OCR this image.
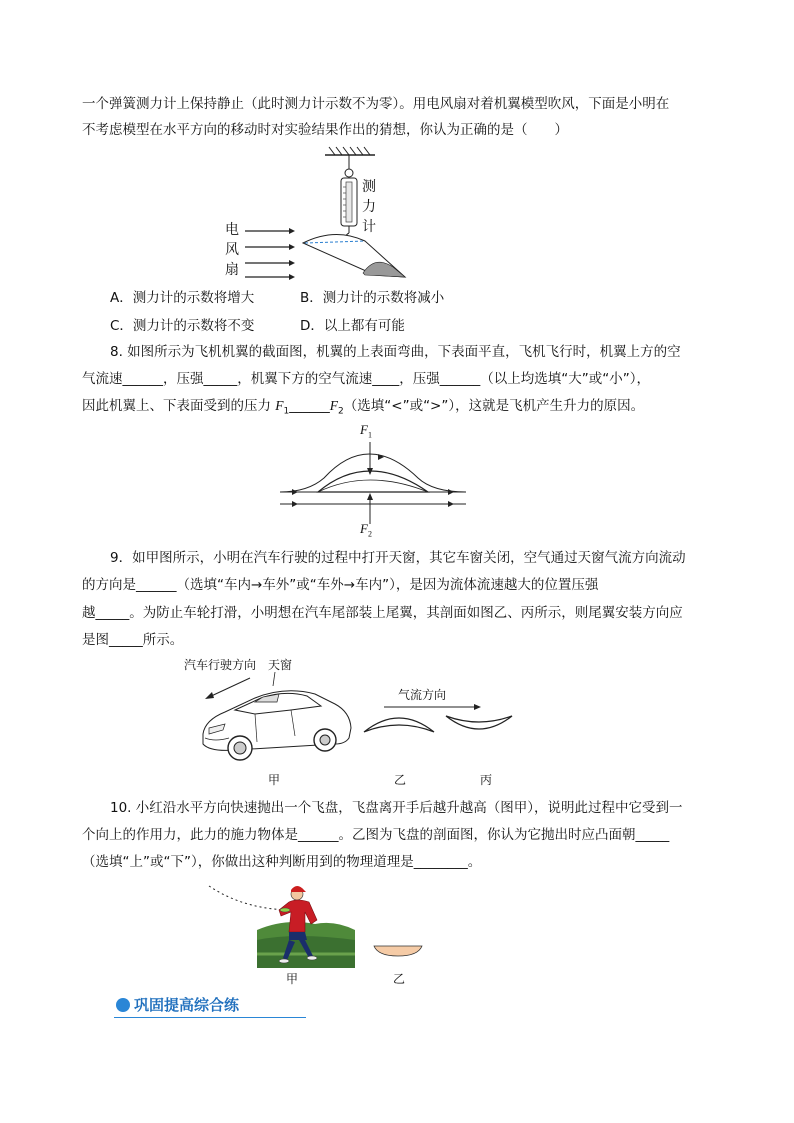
一个弹簧测力计上保持静止（此时测力计示数不为零）。用电风扇对着机翼模型吹风，下面是小明在
不考虑模型在水平方向的移动时对实验结果作出的猜想，你认为正确的是（　　）
测
力
计
电
风
扇
A．测力计的示数将增大	B．测力计的示数将减小
C．测力计的示数将不变	D．以上都有可能
8. 如图所示为飞机机翼的截面图，机翼的上表面弯曲，下表面平直，飞机飞行时，机翼上方的空
气流速______，压强_____，机翼下方的空气流速____，压强______（以上均选填“大”或“小”），
因此机翼上、下表面受到的压力 $F_1\_\_\_\_\_\_F_2$（选填“<”或“>”），这就是飞机产生升力的原因。
$F_1$
$F_2$
9．如甲图所示，小明在汽车行驶的过程中打开天窗，其它车窗关闭，空气通过天窗气流方向流动
的方向是______（选填“车内→车外”或“车外→车内”），是因为流体流速越大的位置压强
越_____。为防止车轮打滑，小明想在汽车尾部装上尾翼，其剖面如图乙、丙所示，则尾翼安装方向应
是图_____所示。
汽车行驶方向 天窗
气流方向
甲	乙	丙
10. 小红沿水平方向快速抛出一个飞盘，飞盘离开手后越升越高（图甲），说明此过程中它受到一
个向上的作用力，此力的施力物体是______。乙图为飞盘的剖面图，你认为它抛出时应凸面朝_____
（选填“上”或“下”），你做出这种判断用到的物理道理是________。
甲	乙
巩固提高综合练
